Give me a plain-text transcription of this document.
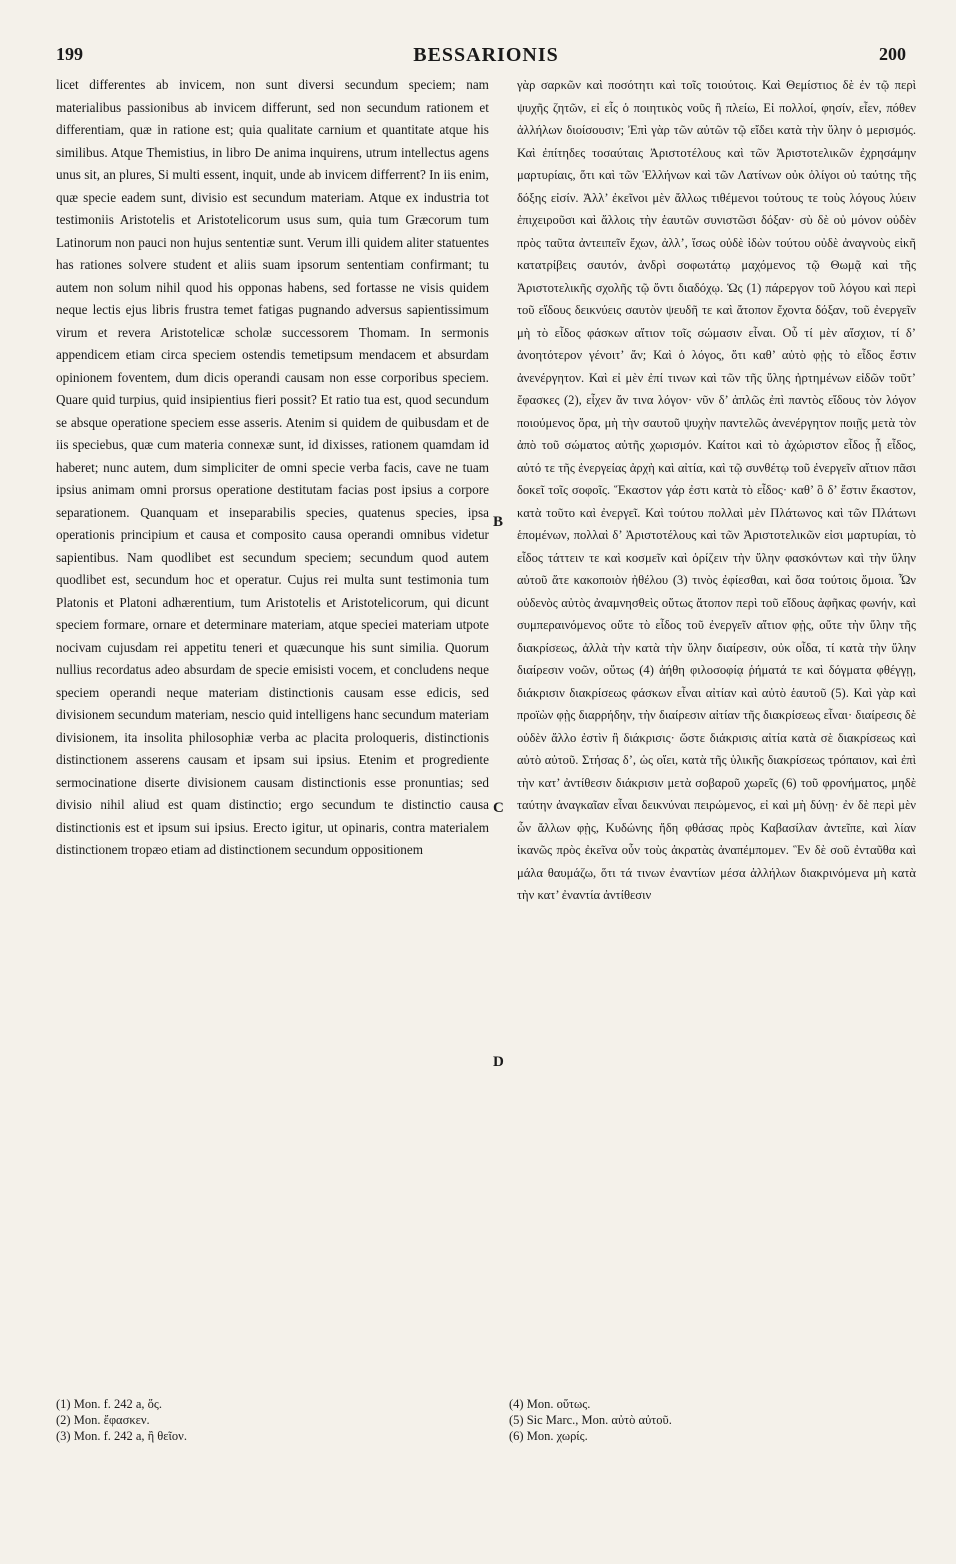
199	BESSARIONIS	200
licet differentes ab invicem, non sunt diversi secundum speciem; nam materialibus passionibus ab invicem differunt, sed non secundum rationem et differentiam, quæ in ratione est; quia qualitate carnium et quantitate atque his similibus. Atque Themistius, in libro De anima inquirens, utrum intellectus agens unus sit, an plures, Si multi essent, inquit, unde ab invicem differrent? In iis enim, quæ specie eadem sunt, divisio est secundum materiam. Atque ex industria tot testimoniis Aristotelis et Aristotelicorum usus sum, quia tum Græcorum tum Latinorum non pauci non hujus sententiæ sunt. Verum illi quidem aliter statuentes has rationes solvere student et aliis suam ipsorum sententiam confirmant; tu autem non solum nihil quod his opponas habens, sed fortasse ne visis quidem neque lectis ejus libris frustra temet fatigas pugnando adversus sapientissimum virum et revera Aristotelicæ scholæ successorem Thomam. In sermonis appendicem etiam circa speciem ostendis temetipsum mendacem et absurdam opinionem foventem, dum dicis operandi causam non esse corporibus speciem. Quare quid turpius, quid insipientius fieri possit? Et ratio tua est, quod secundum se absque operatione speciem esse asseris. Atenim si quidem de quibusdam et de iis speciebus, quæ cum materia connexæ sunt, id dixisses, rationem quamdam id haberet; nunc autem, dum simpliciter de omni specie verba facis, cave ne tuam ipsius animam omni prorsus operatione destitutam facias post ipsius a corpore separationem. Quanquam et inseparabilis species, quatenus species, ipsa operationis principium et causa et composito causa operandi omnibus videtur sapientibus. Nam quodlibet est secundum speciem; secundum quod autem quodlibet est, secundum hoc et operatur. Cujus rei multa sunt testimonia tum Platonis et Platoni adhærentium, tum Aristotelis et Aristotelicorum, qui dicunt speciem formare, ornare et determinare materiam, atque speciei materiam utpote nocivam cujusdam rei appetitu teneri et quæcunque his sunt similia. Quorum nullius recordatus adeo absurdam de specie emisisti vocem, et concludens neque speciem operandi neque materiam distinctionis causam esse edicis, sed divisionem secundum materiam, nescio quid intelligens hanc secundum materiam divisionem, ita insolita philosophiæ verba ac placita proloqueris, distinctionis distinctionem asserens causam et ipsam sui ipsius. Etenim et progrediente sermocinatione diserte divisionem causam distinctionis esse pronuntias; sed divisio nihil aliud est quam distinctio; ergo secundum te distinctio causa distinctionis est et ipsum sui ipsius. Erecto igitur, ut opinaris, contra materialem distinctionem tropæo etiam ad distinctionem secundum oppositionem
γὰρ σαρκῶν καὶ ποσότητι καὶ τοῖς τοιούτοις. Καὶ Θεμίστιος δὲ ἐν τῷ περὶ ψυχῆς ζητῶν, εἰ εἷς ὁ ποιητικὸς νοῦς ἢ πλείω, Εἰ πολλοί, φησίν, εἶεν, πόθεν ἀλλήλων διοίσουσιν; Ἐπὶ γὰρ τῶν αὐτῶν τῷ εἴδει κατὰ τὴν ὕλην ὁ μερισμός. Καὶ ἐπίτηδες τοσαύταις Ἀριστοτέλους καὶ τῶν Ἀριστοτελικῶν ἐχρησάμην μαρτυρίαις, ὅτι καὶ τῶν Ἑλλήνων καὶ τῶν Λατίνων οὐκ ὀλίγοι οὐ ταύτης τῆς δόξης εἰσίν. Ἀλλ’ ἐκεῖνοι μὲν ἄλλως τιθέμενοι τούτους τε τοὺς λόγους λύειν ἐπιχειροῦσι καὶ ἄλλοις τὴν ἑαυτῶν συνιστῶσι δόξαν· σὺ δὲ οὐ μόνον οὐδὲν πρὸς ταῦτα ἀντειπεῖν ἔχων, ἀλλ’, ἴσως οὐδὲ ἰδὼν τούτου οὐδὲ ἀναγνοὺς εἰκῆ κατατρίβεις σαυτόν, ἀνδρὶ σοφωτάτῳ μαχόμενος τῷ Θωμᾷ καὶ τῆς Ἀριστοτελικῆς σχολῆς τῷ ὄντι διαδόχῳ. Ὡς (1) πάρεργον τοῦ λόγου καὶ περὶ τοῦ εἴδους δεικνύεις σαυτὸν ψευδῆ τε καὶ ἄτοπον ἔχοντα δόξαν, τοῦ ἐνεργεῖν μὴ τὸ εἶδος φάσκων αἴτιον τοῖς σώμασιν εἶναι. Οὗ τί μὲν αἴσχιον, τί δ’ ἀνοητότερον γένοιτ’ ἄν; Καὶ ὁ λόγος, ὅτι καθ’ αὑτὸ φῂς τὸ εἶδος ἔστιν ἀνενέργητον. Καὶ εἰ μὲν ἐπί τινων καὶ τῶν τῆς ὕλης ἠρτημένων εἰδῶν τοῦτ’ ἔφασκες (2), εἶχεν ἄν τινα λόγον· νῦν δ’ ἁπλῶς ἐπὶ παντὸς εἴδους τὸν λόγον ποιούμενος ὅρα, μὴ τὴν σαυτοῦ ψυχὴν παντελῶς ἀνενέργητον ποιῇς μετὰ τὸν ἀπὸ τοῦ σώματος αὐτῆς χωρισμόν. Καίτοι καὶ τὸ ἀχώριστον εἶδος ᾗ εἶδος, αὐτό τε τῆς ἐνεργείας ἀρχὴ καὶ αἰτία, καὶ τῷ συνθέτῳ τοῦ ἐνεργεῖν αἴτιον πᾶσι δοκεῖ τοῖς σοφοῖς. Ἕκαστον γάρ ἐστι κατὰ τὸ εἶδος· καθ’ ὃ δ’ ἔστιν ἕκαστον, κατὰ τοῦτο καὶ ἐνεργεῖ. Καὶ τούτου πολλαὶ μὲν Πλάτωνος καὶ τῶν Πλάτωνι ἑπομένων, πολλαὶ δ’ Ἀριστοτέλους καὶ τῶν Ἀριστοτελικῶν εἰσι μαρτυρίαι, τὸ εἶδος τάττειν τε καὶ κοσμεῖν καὶ ὁρίζειν τὴν ὕλην φασκόντων καὶ τὴν ὕλην αὐτοῦ ἅτε κακοποιὸν ἠθέλου (3) τινὸς ἐφίεσθαι, καὶ ὅσα τούτοις ὅμοια. Ὧν οὐδενὸς αὐτὸς ἀναμνησθεὶς οὕτως ἄτοπον περὶ τοῦ εἴδους ἀφῆκας φωνήν, καὶ συμπεραινόμενος οὔτε τὸ εἶδος τοῦ ἐνεργεῖν αἴτιον φῂς, οὔτε τὴν ὕλην τῆς διακρίσεως, ἀλλὰ τὴν κατὰ τὴν ὕλην διαίρεσιν, οὐκ οἶδα, τί κατὰ τὴν ὕλην διαίρεσιν νοῶν, οὕτως (4) ἀήθη φιλοσοφίᾳ ῥήματά τε καὶ δόγματα φθέγγῃ, διάκρισιν διακρίσεως φάσκων εἶναι αἰτίαν καὶ αὐτὸ ἑαυτοῦ (5). Καὶ γὰρ καὶ προϊὼν φῂς διαρρήδην, τὴν διαίρεσιν αἰτίαν τῆς διακρίσεως εἶναι· διαίρεσις δὲ οὐδὲν ἄλλο ἐστὶν ἢ διάκρισις· ὥστε διάκρισις αἰτία κατὰ σὲ διακρίσεως καὶ αὐτὸ αὐτοῦ. Στήσας δ’, ὡς οἴει, κατὰ τῆς ὑλικῆς διακρίσεως τρόπαιον, καὶ ἐπὶ τὴν κατ’ ἀντίθεσιν διάκρισιν μετὰ σοβαροῦ χωρεῖς (6) τοῦ φρονήματος, μηδὲ ταύτην ἀναγκαῖαν εἶναι δεικνύναι πειρώμενος, εἰ καὶ μὴ δύνῃ· ἐν δὲ περὶ μὲν ὧν ἄλλων φῂς, Κυδώνης ἤδη φθάσας πρὸς Καβασίλαν ἀντεῖπε, καὶ λίαν ἱκανῶς πρὸς ἐκεῖνα οὖν τοὺς ἀκρατὰς ἀναπέμπομεν. Ἓν δὲ σοῦ ἐνταῦθα καὶ μάλα θαυμάζω, ὅτι τά τινων ἐναντίων μέσα ἀλλήλων διακρινόμενα μὴ κατὰ τὴν κατ’ ἐναντία ἀντίθεσιν
B
C
D
(1) Mon. f. 242 a, ὅς.
(2) Mon. ἔφασκεν.
(3) Mon. f. 242 a, ἢ θεῖον.
(4) Mon. οὕτως.
(5) Sic Marc., Mon. αὐτὸ αὐτοῦ.
(6) Mon. χωρίς.
